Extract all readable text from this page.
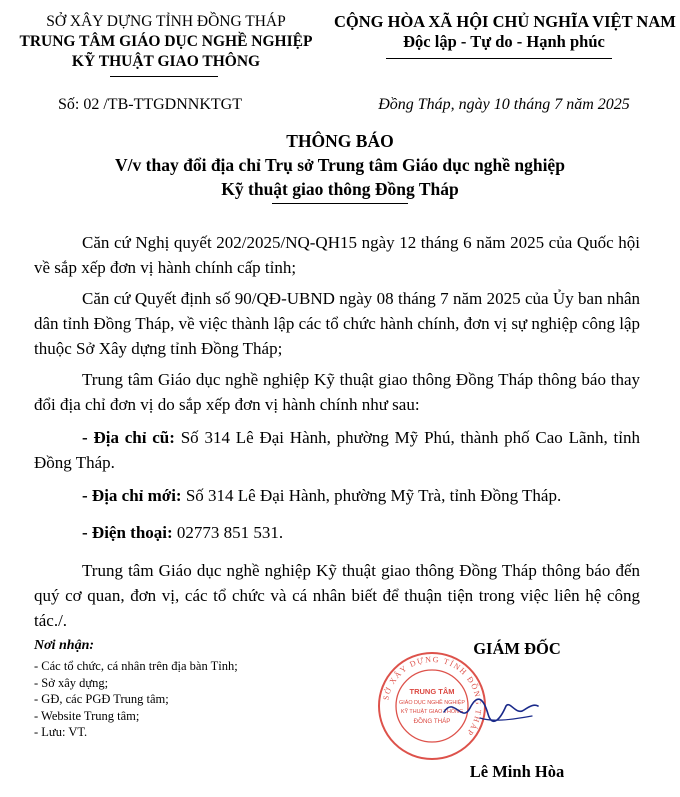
SỞ XÂY DỰNG TỈNH ĐỒNG THÁP
TRUNG TÂM GIÁO DỤC NGHỀ NGHIỆP
KỸ THUẬT GIAO THÔNG
CỘNG HÒA XÃ HỘI CHỦ NGHĨA VIỆT NAM
Độc lập - Tự do - Hạnh phúc
Số: 02 /TB-TTGDNNKTGT	Đồng Tháp, ngày 10 tháng 7 năm 2025
THÔNG BÁO
V/v thay đổi địa chỉ Trụ sở Trung tâm Giáo dục nghề nghiệp
Kỹ thuật giao thông Đồng Tháp
Căn cứ Nghị quyết 202/2025/NQ-QH15 ngày 12 tháng 6 năm 2025 của Quốc hội về sắp xếp đơn vị hành chính cấp tỉnh;
Căn cứ Quyết định số 90/QĐ-UBND ngày 08 tháng 7 năm 2025 của Ủy ban nhân dân tỉnh Đồng Tháp, về việc thành lập các tổ chức hành chính, đơn vị sự nghiệp công lập thuộc Sở Xây dựng tỉnh Đồng Tháp;
Trung tâm Giáo dục nghề nghiệp Kỹ thuật giao thông Đồng Tháp thông báo thay đổi địa chỉ đơn vị do sắp xếp đơn vị hành chính như sau:
- Địa chỉ cũ: Số 314 Lê Đại Hành, phường Mỹ Phú, thành phố Cao Lãnh, tỉnh Đồng Tháp.
- Địa chỉ mới: Số 314 Lê Đại Hành, phường Mỹ Trà, tỉnh Đồng Tháp.
- Điện thoại: 02773 851 531.
Trung tâm Giáo dục nghề nghiệp Kỹ thuật giao thông Đồng Tháp thông báo đến quý cơ quan, đơn vị, các tổ chức và cá nhân biết để thuận tiện trong việc liên hệ công tác./.
Nơi nhận:
- Các tổ chức, cá nhân trên địa bàn Tỉnh;
- Sở xây dựng;
- GĐ, các PGĐ Trung tâm;
- Website Trung tâm;
- Lưu: VT.
GIÁM ĐỐC
SỞ XÂY DỰNG TỈNH ĐỒNG THÁP
TRUNG TÂM
GIÁO DỤC NGHỀ NGHIỆP
KỸ THUẬT GIAO THÔNG
ĐỒNG THÁP
Lê Minh Hòa
